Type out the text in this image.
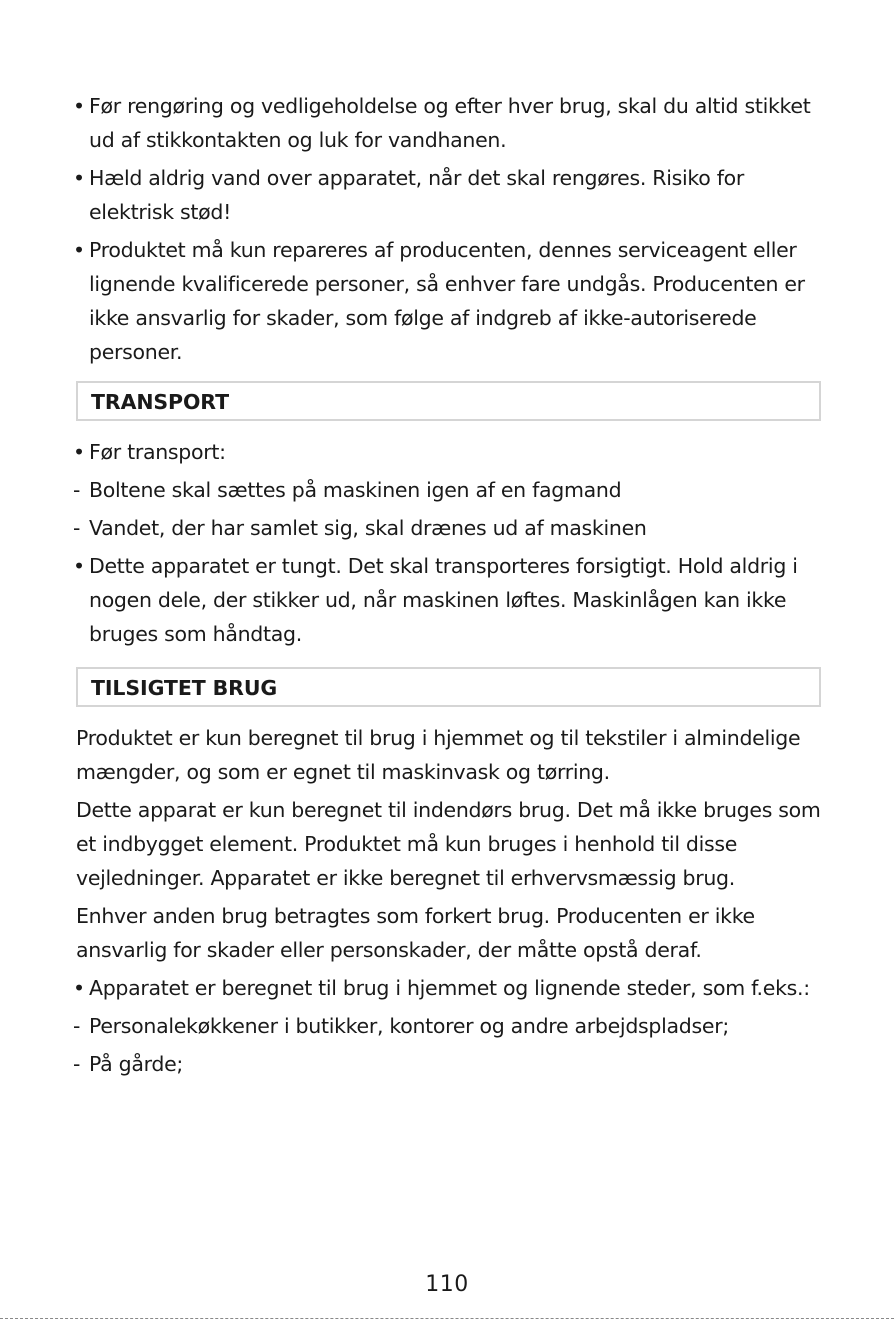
• Før rengøring og vedligeholdelse og efter hver brug, skal du altid stikket ud af stikkontakten og luk for vandhanen.
• Hæld aldrig vand over apparatet, når det skal rengøres. Risiko for elektrisk stød!
• Produktet må kun repareres af producenten, dennes serviceagent eller lignende kvalificerede personer, så enhver fare undgås. Producenten er ikke ansvarlig for skader, som følge af indgreb af ikke-autoriserede personer.
TRANSPORT
• Før transport:
- Boltene skal sættes på maskinen igen af en fagmand
- Vandet, der har samlet sig, skal drænes ud af maskinen
• Dette apparatet er tungt. Det skal transporteres forsigtigt. Hold aldrig i nogen dele, der stikker ud, når maskinen løftes. Maskinlågen kan ikke bruges som håndtag.
TILSIGTET BRUG
Produktet er kun beregnet til brug i hjemmet og til tekstiler i almindelige mængder, og som er egnet til maskinvask og tørring.
Dette apparat er kun beregnet til indendørs brug. Det må ikke bruges som et indbygget element. Produktet må kun bruges i henhold til disse vejledninger. Apparatet er ikke beregnet til erhvervsmæssig brug.
Enhver anden brug betragtes som forkert brug. Producenten er ikke ansvarlig for skader eller personskader, der måtte opstå deraf.
• Apparatet er beregnet til brug i hjemmet og lignende steder, som f.eks.:
- Personalekøkkener i butikker, kontorer og andre arbejdspladser;
- På gårde;
110
